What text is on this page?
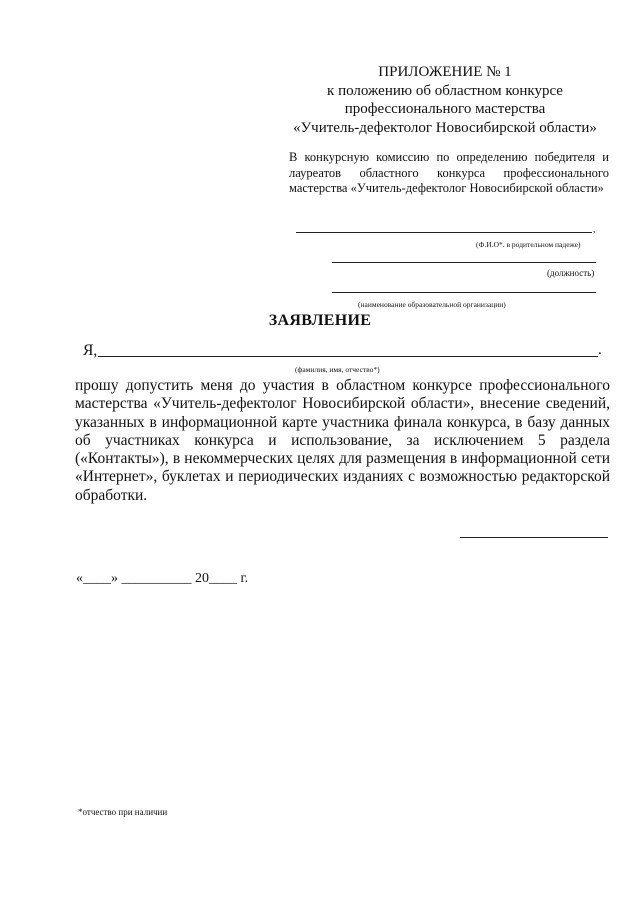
ПРИЛОЖЕНИЕ № 1
к положению об областном конкурсе
профессионального мастерства
«Учитель-дефектолог Новосибирской области»
В конкурсную комиссию по определению победителя и лауреатов областного конкурса профессионального мастерства «Учитель-дефектолог Новосибирской области»
,
(Ф.И.О*. в родительном падеже)
(должность)
(наименование образовательной организации)
ЗАЯВЛЕНИЕ
Я,	.
(фамилия, имя, отчество*)
прошу допустить меня до участия в областном конкурсе профессионального мастерства «Учитель-дефектолог Новосибирской области», внесение сведений, указанных в информационной карте участника финала конкурса, в базу данных об участниках конкурса и использование, за исключением 5 раздела («Контакты»), в некоммерческих целях для размещения в информационной сети «Интернет», буклетах и периодических изданиях с возможностью редакторской обработки.
«____» __________ 20____ г.
*отчество при наличии
